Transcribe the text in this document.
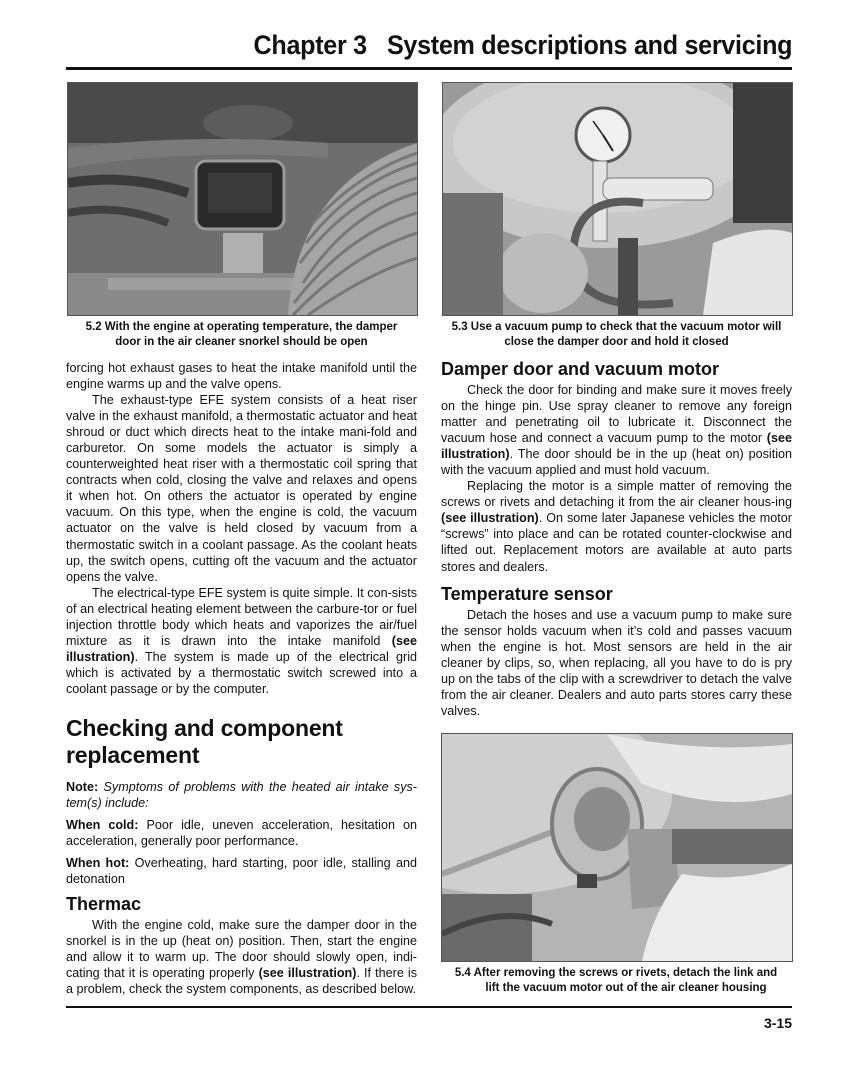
Chapter 3   System descriptions and servicing
5.2 With the engine at operating temperature, the damper
door in the air cleaner snorkel should be open
5.3 Use a vacuum pump to check that the vacuum motor will
close the damper door and hold it closed

forcing hot exhaust gases to heat the intake manifold until the engine warms up and the valve opens.

The exhaust-type EFE system consists of a heat riser valve in the exhaust manifold, a thermostatic actuator and heat shroud or duct which directs heat to the intake mani-fold and carburetor. On some models the actuator is simply a counterweighted heat riser with a thermostatic coil spring that contracts when cold, closing the valve and relaxes and opens it when hot. On others the actuator is operated by engine vacuum. On this type, when the engine is cold, the vacuum actuator on the valve is held closed by vacuum from a thermostatic switch in a coolant passage. As the coolant heats up, the switch opens, cutting oft the vacuum and the actuator opens the valve.

The electrical-type EFE system is quite simple. It con-sists of an electrical heating element between the carbure-tor or fuel injection throttle body which heats and vaporizes the air/fuel mixture as it is drawn into the intake manifold (see illustration). The system is made up of the electrical grid which is activated by a thermostatic switch screwed into a coolant passage or by the computer.

Checking and component replacement

Note: Symptoms of problems with the heated air intake sys-tem(s) include:

When cold: Poor idle, uneven acceleration, hesitation on acceleration, generally poor performance.

When hot: Overheating, hard starting, poor idle, stalling and detonation

Thermac

With the engine cold, make sure the damper door in the snorkel is in the up (heat on) position. Then, start the engine and allow it to warm up. The door should slowly open, indi-cating that it is operating properly (see illustration). If there is a problem, check the system components, as described below.

Damper door and vacuum motor

Check the door for binding and make sure it moves freely on the hinge pin. Use spray cleaner to remove any foreign matter and penetrating oil to lubricate it. Disconnect the vacuum hose and connect a vacuum pump to the motor (see illustration). The door should be in the up (heat on) position with the vacuum applied and must hold vacuum.

Replacing the motor is a simple matter of removing the screws or rivets and detaching it from the air cleaner hous-ing (see illustration). On some later Japanese vehicles the motor “screws” into place and can be rotated counter-clockwise and lifted out. Replacement motors are available at auto parts stores and dealers.

Temperature sensor

Detach the hoses and use a vacuum pump to make sure the sensor holds vacuum when it’s cold and passes vacuum when the engine is hot. Most sensors are held in the air cleaner by clips, so, when replacing, all you have to do is pry up on the tabs of the clip with a screwdriver to detach the valve from the air cleaner. Dealers and auto parts stores carry these valves.

5.4 After removing the screws or rivets, detach the link and
lift the vacuum motor out of the air cleaner housing
3-15
